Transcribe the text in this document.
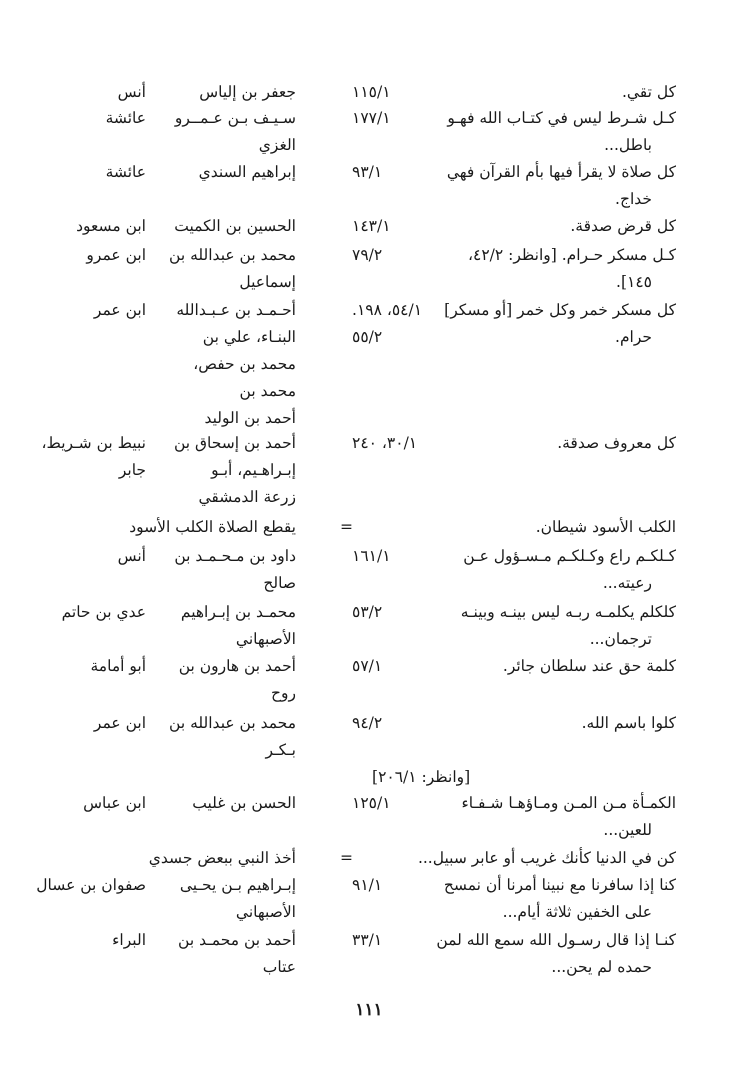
كل تقي.
١١٥/١
جعفر بن إلياس
أنس
كـل شـرط ليس في كتـاب الله فهـو
باطل...
١٧٧/١
سـيـف بـن عـمــرو
الغزي
عائشة
كل صلاة لا يقرأ فيها بأم القرآن فهي
خداج.
٩٣/١
إبراهيم السندي
عائشة
كل قرض صدقة.
١٤٣/١
الحسين بن الكميت
ابن مسعود
كـل مسكر حـرام. [وانظر: ٤٢/٢،
١٤٥].
٧٩/٢
محمد بن عبدالله بن
إسماعيل
ابن عمرو
كل مسكر خمر وكل خمر [أو مسكر]
حرام.
٥٤/١، ١٩٨.
٥٥/٢
أحـمـد بن عـبـدالله
البنـاء، علي بن
محمد بن حفص،
محمد بن
أحمد بن الوليد
ابن عمر
كل معروف صدقة.
٣٠/١، ٢٤٠
أحمد بن إسحاق بن
إبـراهـيم، أبـو
زرعة الدمشقي
نبيط بن شـريط،
جابر
الكلب الأسود شيطان.
=
يقطع الصلاة الكلب الأسود
كـلكـم راع وكـلكـم مـسـؤول عـن
رعيته...
١٦١/١
داود بن مـحـمـد بن
صالح
أنس
كلكلم يكلمـه ربـه ليس بينـه وبينـه
ترجمان...
٥٣/٢
محمـد بن إبـراهيم
الأصبهاني
عدي بن حاتم
كلمة حق عند سلطان جائر.
٥٧/١
أحمد بن هارون بن
روح
أبو أمامة
كلوا باسم الله.
٩٤/٢
[وانظر: ٢٠٦/١]
محمد بن عبدالله بن
بـكـر
ابن عمر
الكمـأة مـن المـن ومـاؤهـا شـفـاء
للعين...
١٢٥/١
الحسن بن غليب
ابن عباس
كن في الدنيا كأنك غريب أو عابر سبيل...
=
أخذ النبي ببعض جسدي
كنا إذا سافرنا مع نبينا أمرنا أن نمسح
على الخفين ثلاثة أيام...
٩١/١
إبـراهيم بـن يحـيى
الأصبهاني
صفوان بن عسال
كنـا إذا قال رسـول الله سمع الله لمن
حمده لم يحن...
٣٣/١
أحمد بن محمـد بن
عتاب
البراء
١١١
